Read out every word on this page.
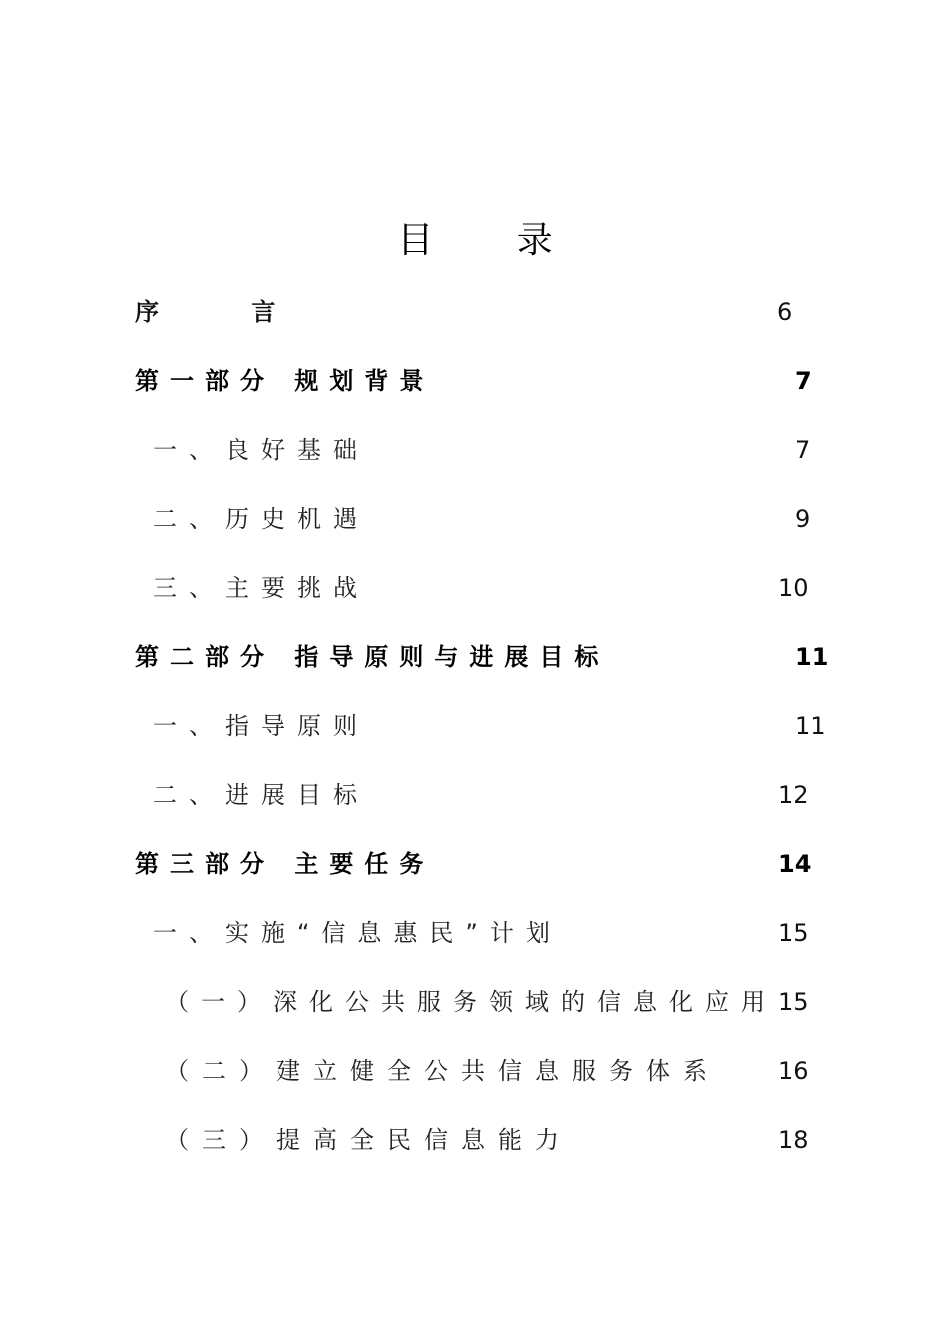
目 录
序 言	6
第一部分 规划背景	7
一、良好基础	7
二、历史机遇	9
三、主要挑战	10
第二部分 指导原则与进展目标	11
一、指导原则	11
二、进展目标	12
第三部分 主要任务	14
一、实施“信息惠民”计划	15
（一）深化公共服务领域的信息化应用 15
（二）建立健全公共信息服务体系 16
（三）提高全民信息能力	18
